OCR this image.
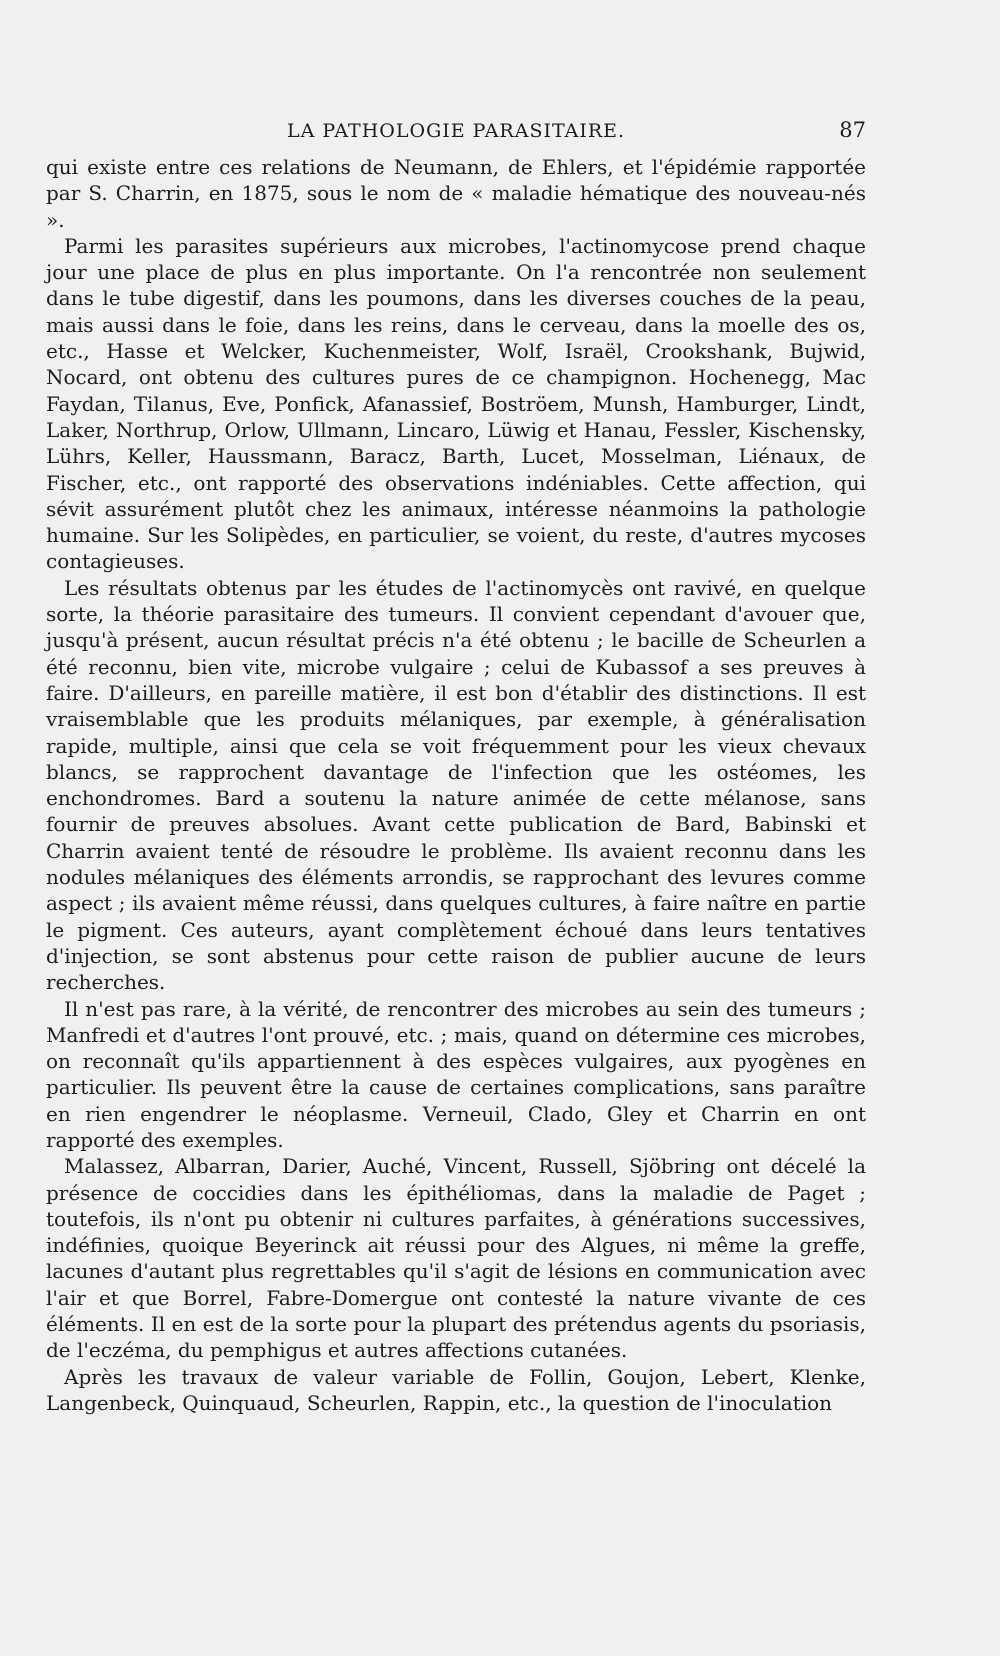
LA PATHOLOGIE PARASITAIRE.	87

qui existe entre ces relations de Neumann, de Ehlers, et l'épidémie rapportée par S. Charrin, en 1875, sous le nom de « maladie hématique des nouveau-nés ».

Parmi les parasites supérieurs aux microbes, l'actinomycose prend chaque jour une place de plus en plus importante. On l'a rencontrée non seulement dans le tube digestif, dans les poumons, dans les diverses couches de la peau, mais aussi dans le foie, dans les reins, dans le cerveau, dans la moelle des os, etc., Hasse et Welcker, Kuchenmeister, Wolf, Israël, Crookshank, Bujwid, Nocard, ont obtenu des cultures pures de ce champignon. Hochenegg, Mac Faydan, Tilanus, Eve, Ponfick, Afanassief, Boströem, Munsh, Hamburger, Lindt, Laker, Northrup, Orlow, Ullmann, Lincaro, Lüwig et Hanau, Fessler, Kischensky, Lührs, Keller, Haussmann, Baracz, Barth, Lucet, Mosselman, Liénaux, de Fischer, etc., ont rapporté des observations indéniables. Cette affection, qui sévit assurément plutôt chez les animaux, intéresse néanmoins la pathologie humaine. Sur les Solipèdes, en particulier, se voient, du reste, d'autres mycoses contagieuses.

Les résultats obtenus par les études de l'actinomycès ont ravivé, en quelque sorte, la théorie parasitaire des tumeurs. Il convient cependant d'avouer que, jusqu'à présent, aucun résultat précis n'a été obtenu ; le bacille de Scheurlen a été reconnu, bien vite, microbe vulgaire ; celui de Kubassof a ses preuves à faire. D'ailleurs, en pareille matière, il est bon d'établir des distinctions. Il est vraisemblable que les produits mélaniques, par exemple, à généralisation rapide, multiple, ainsi que cela se voit fréquemment pour les vieux chevaux blancs, se rapprochent davantage de l'infection que les ostéomes, les enchondromes. Bard a soutenu la nature animée de cette mélanose, sans fournir de preuves absolues. Avant cette publication de Bard, Babinski et Charrin avaient tenté de résoudre le problème. Ils avaient reconnu dans les nodules mélaniques des éléments arrondis, se rapprochant des levures comme aspect ; ils avaient même réussi, dans quelques cultures, à faire naître en partie le pigment. Ces auteurs, ayant complètement échoué dans leurs tentatives d'injection, se sont abstenus pour cette raison de publier aucune de leurs recherches.

Il n'est pas rare, à la vérité, de rencontrer des microbes au sein des tumeurs ; Manfredi et d'autres l'ont prouvé, etc. ; mais, quand on détermine ces microbes, on reconnaît qu'ils appartiennent à des espèces vulgaires, aux pyogènes en particulier. Ils peuvent être la cause de certaines complications, sans paraître en rien engendrer le néoplasme. Verneuil, Clado, Gley et Charrin en ont rapporté des exemples.

Malassez, Albarran, Darier, Auché, Vincent, Russell, Sjöbring ont décelé la présence de coccidies dans les épithéliomas, dans la maladie de Paget ; toutefois, ils n'ont pu obtenir ni cultures parfaites, à générations successives, indéfinies, quoique Beyerinck ait réussi pour des Algues, ni même la greffe, lacunes d'autant plus regrettables qu'il s'agit de lésions en communication avec l'air et que Borrel, Fabre-Domergue ont contesté la nature vivante de ces éléments. Il en est de la sorte pour la plupart des prétendus agents du psoriasis, de l'eczéma, du pemphigus et autres affections cutanées.

Après les travaux de valeur variable de Follin, Goujon, Lebert, Klenke, Langenbeck, Quinquaud, Scheurlen, Rappin, etc., la question de l'inoculation
